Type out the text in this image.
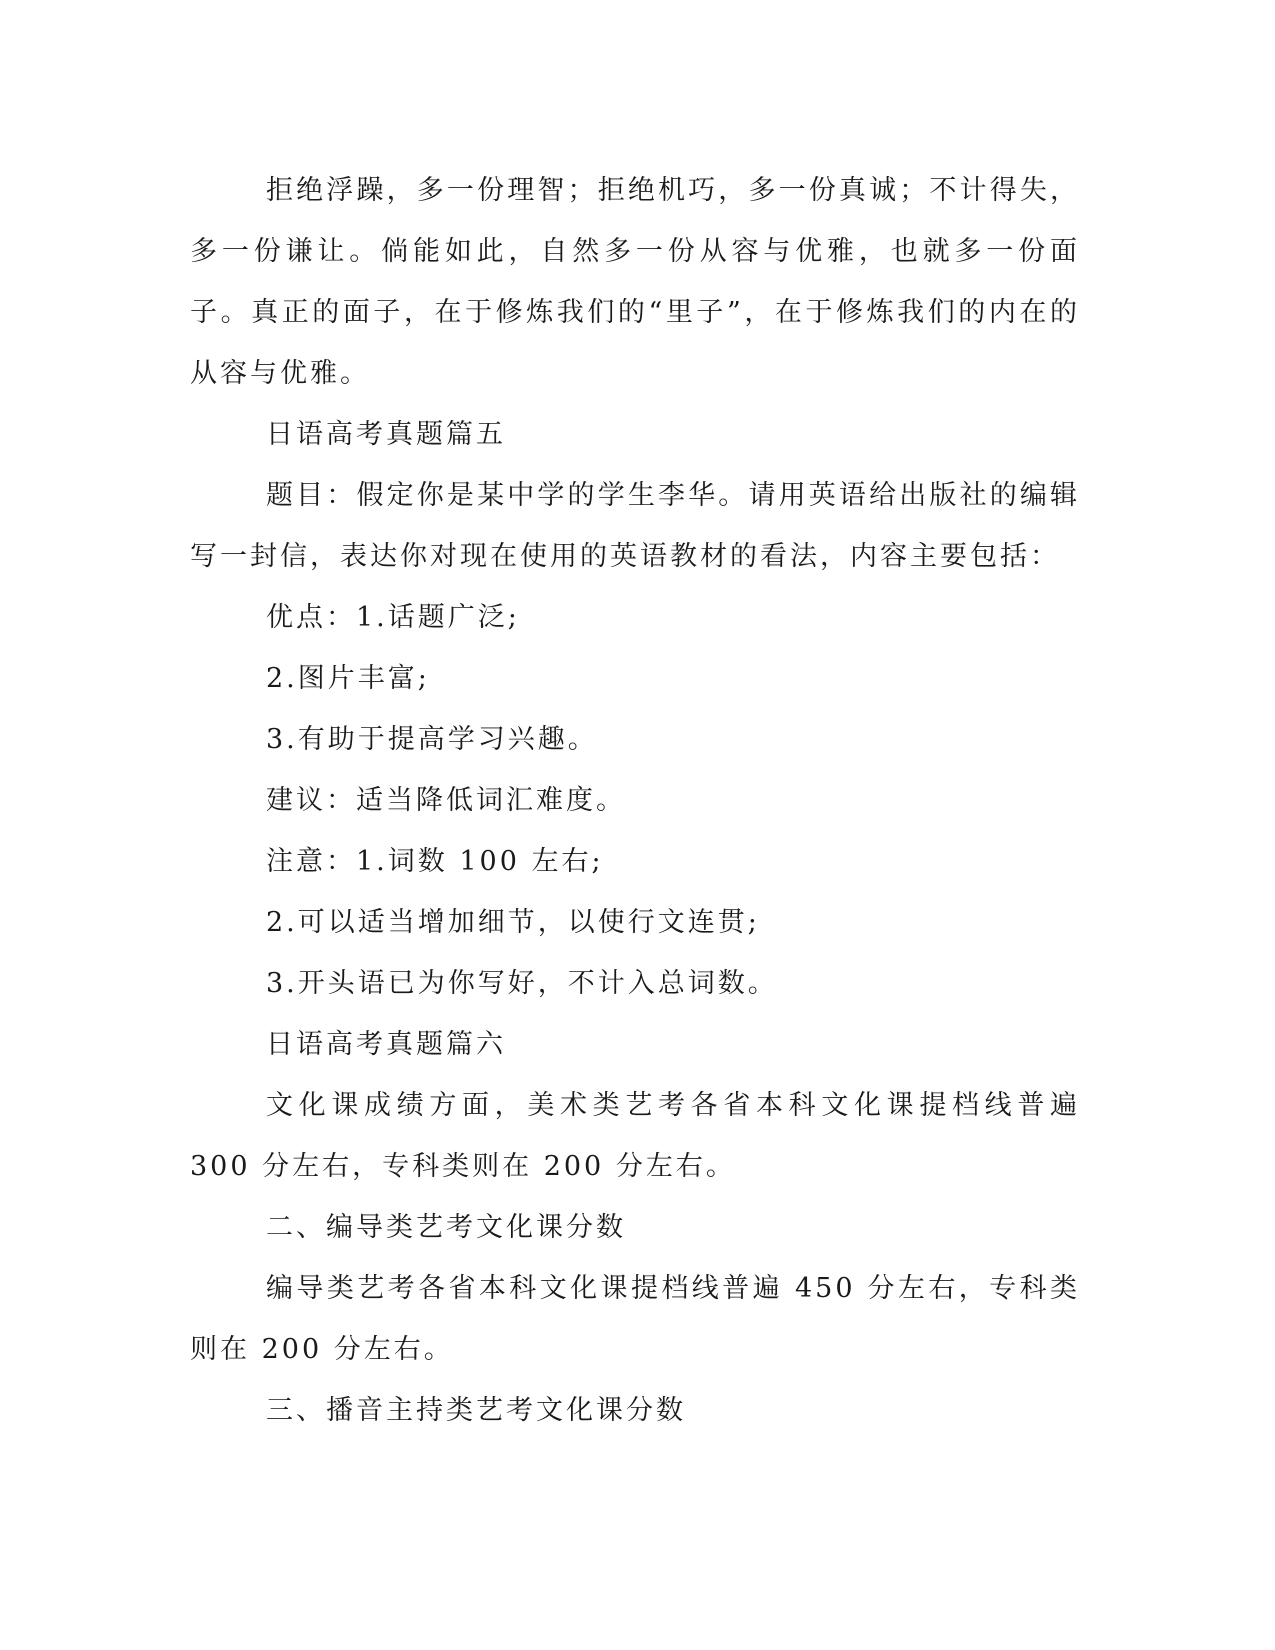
拒绝浮躁，多一份理智；拒绝机巧，多一份真诚；不计得失，多一份谦让。倘能如此，自然多一份从容与优雅，也就多一份面子。真正的面子，在于修炼我们的“里子”，在于修炼我们的内在的从容与优雅。

日语高考真题篇五

题目：假定你是某中学的学生李华。请用英语给出版社的编辑写一封信，表达你对现在使用的英语教材的看法，内容主要包括：

优点：1.话题广泛;

2.图片丰富;

3.有助于提高学习兴趣。

建议：适当降低词汇难度。

注意：1.词数 100 左右;

2.可以适当增加细节，以使行文连贯;

3.开头语已为你写好，不计入总词数。

日语高考真题篇六

文化课成绩方面，美术类艺考各省本科文化课提档线普遍 300 分左右，专科类则在 200 分左右。

二、编导类艺考文化课分数

编导类艺考各省本科文化课提档线普遍 450 分左右，专科类则在 200 分左右。

三、播音主持类艺考文化课分数
